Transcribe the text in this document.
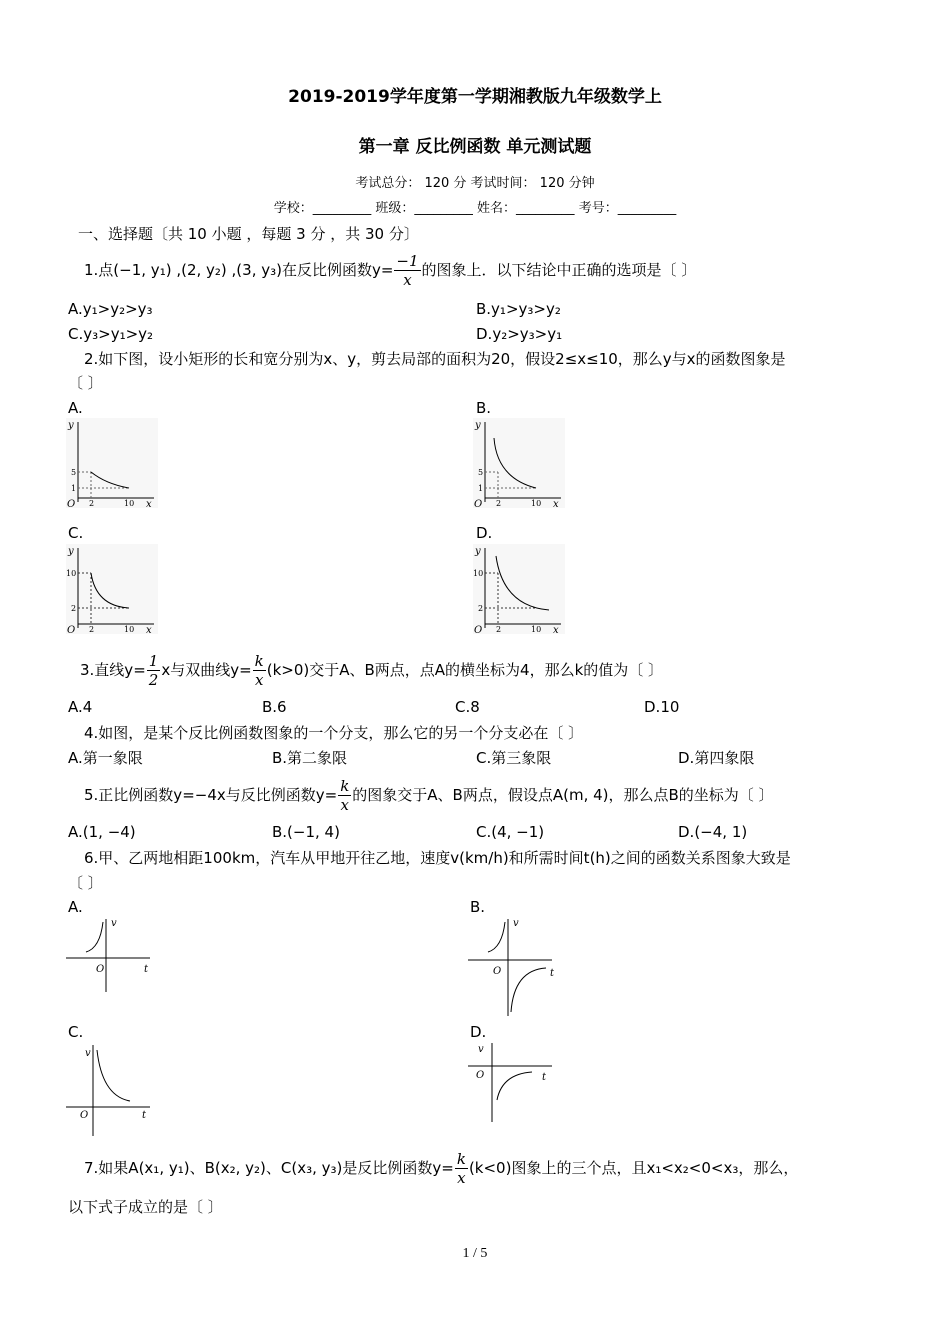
2019-2019学年度第一学期湘教版九年级数学上
第一章 反比例函数 单元测试题
考试总分： 120 分 考试时间： 120 分钟
学校：_________ 班级：_________ 姓名：_________ 考号：_________
一、选择题〔共 10 小题 ，每题 3 分 ，共 30 分〕
1.点(−1, y₁) ,(2, y₂) ,(3, y₃)在反比例函数$y= \frac{-1}{x}$ 的图象上．以下结论中正确的选项是〔 〕
A.y₁>y₂>y₃	B.y₁>y₃>y₂
C.y₃>y₁>y₂	D.y₂>y₃>y₁
2.如下图，设小矩形的长和宽分别为x、y，剪去局部的面积为20，假设2≤x≤10，那么y与x的函数图象是
〔 〕
A.	B.
C.	D.
5
1
2	10
y
x
O
5
1
2	10
y
x
O
10
2
2	10
y
x
O
10
2
2	10
y
x
O
3.直线$y= \frac{1}{2}$ x与双曲线$y= \frac{k}{x} (k>0)$交于A、B两点，点A的横坐标为4，那么k的值为〔 〕
A.4	B.6	C.8	D.10
4.如图，是某个反比例函数图象的一个分支，那么它的另一个分支必在〔 〕
A.第一象限	B.第二象限	C.第三象限	D.第四象限
5.正比例函数y=−4x与反比例函数$y= \frac{k}{x}$ 的图象交于A、B两点，假设点A(m, 4)，那么点B的坐标为〔 〕
A.(1, −4)	B.(−1, 4)	C.(4, −1)	D.(−4, 1)
6.甲、乙两地相距100km，汽车从甲地开往乙地，速度v(km/h)和所需时间t(h)之间的函数关系图象大致是
〔 〕
A.	B.
C.	D.
v
t
O
v
t
O
v
t
O
v
t
O
7.如果A(x₁, y₁)、B(x₂, y₂)、C(x₃, y₃)是反比例函数$y= \frac{k}{x} (k<0)$图象上的三个点，且x₁<x₂<0<x₃，那么，
以下式子成立的是〔 〕
1 / 5
